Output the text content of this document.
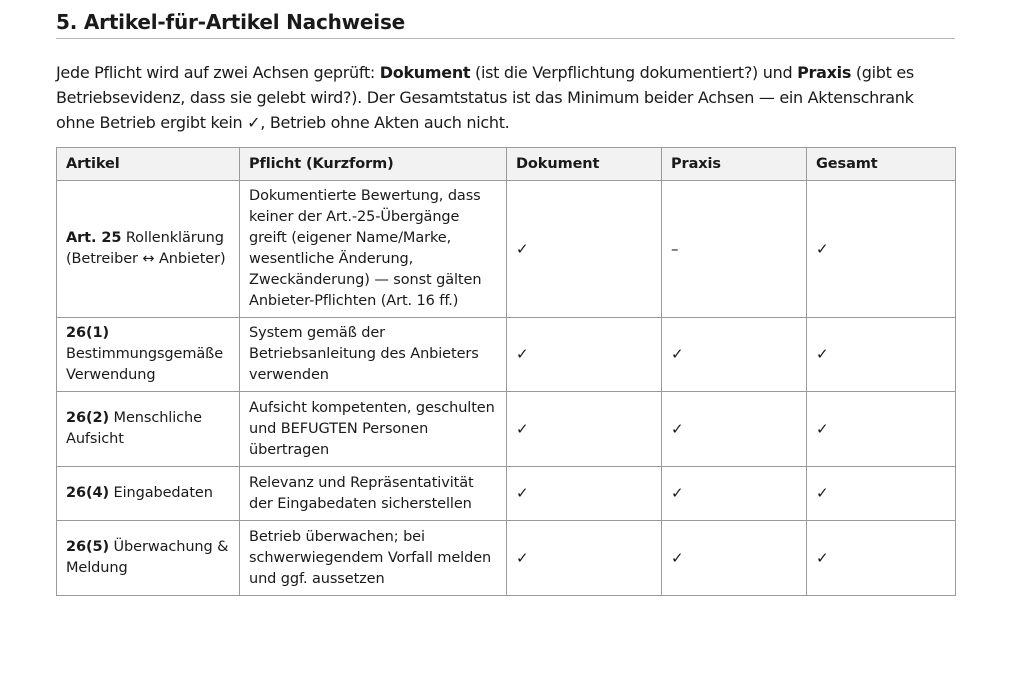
5. Artikel-für-Artikel Nachweise

Jede Pflicht wird auf zwei Achsen geprüft: Dokument (ist die Verpflichtung dokumentiert?) und Praxis (gibt es Betriebsevidenz, dass sie gelebt wird?). Der Gesamtstatus ist das Minimum beider Achsen — ein Aktenschrank ohne Betrieb ergibt kein ✓, Betrieb ohne Akten auch nicht.

Artikel	Pflicht (Kurzform)	Dokument	Praxis	Gesamt
Art. 25 Rollenklärung (Betreiber ↔ Anbieter)	Dokumentierte Bewertung, dass keiner der Art.-25-Übergänge greift (eigener Name/Marke, wesentliche Änderung, Zweckänderung) — sonst gälten Anbieter-Pflichten (Art. 16 ff.)	✓	–	✓
26(1) Bestimmungsgemäße Verwendung	System gemäß der Betriebsanleitung des Anbieters verwenden	✓	✓	✓
26(2) Menschliche Aufsicht	Aufsicht kompetenten, geschulten und BEFUGTEN Personen übertragen	✓	✓	✓
26(4) Eingabedaten	Relevanz und Repräsentativität der Eingabedaten sicherstellen	✓	✓	✓
26(5) Überwachung & Meldung	Betrieb überwachen; bei schwerwiegendem Vorfall melden und ggf. aussetzen	✓	✓	✓
